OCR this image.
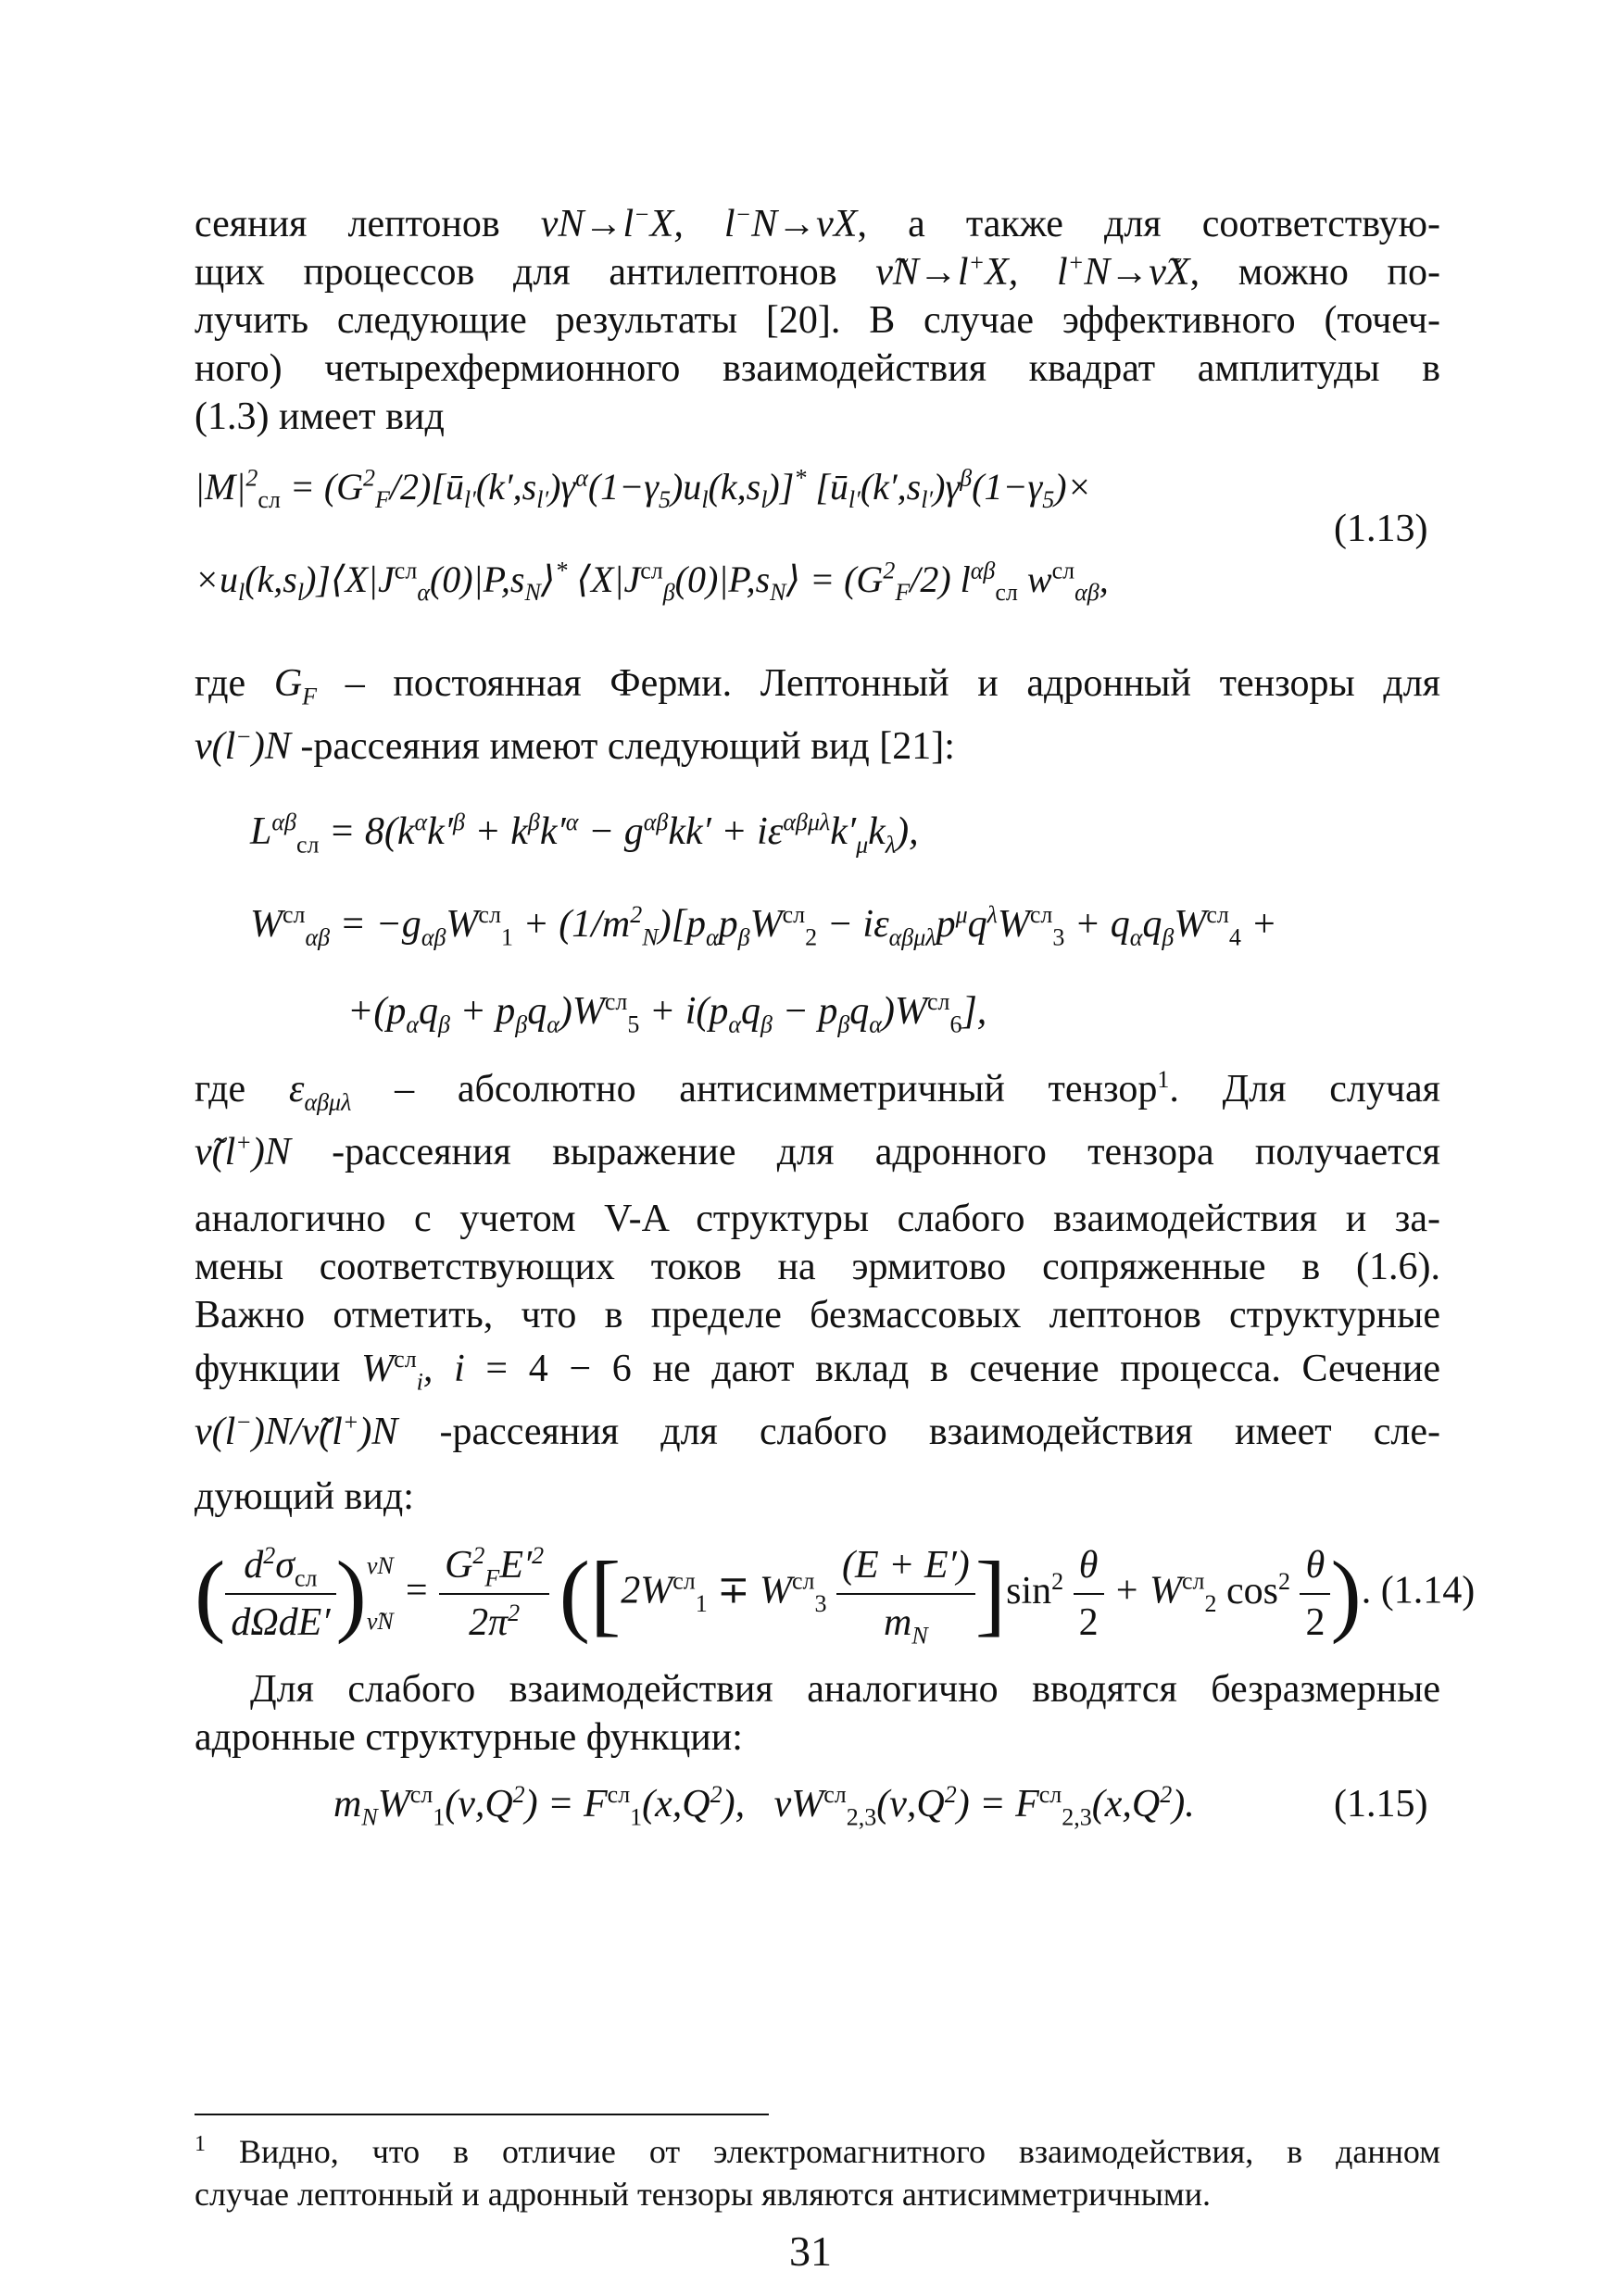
сеяния лептонов νN→l−X, l−N→νX, а также для соответствую-
щих процессов для антилептонов ν̃N→l+X, l+N→ν̃X, можно по-
лучить следующие результаты [20]. В случае эффективного (точеч-
ного) четырехфермионного взаимодействия квадрат амплитуды в
(1.3) имеет вид
$|M|^2_{сл}$ = $(G^2_F/2)[ū_{l'}(k',s_{l'})\gamma^\alpha(1-\gamma_5)u_l(k,s_l)]^*$ [$ū_{l'}(k',s_{l'})\gamma^\beta(1-\gamma_5)\times$
(1.13)
$\times u_l(k,s_l)]⟨X|J^{сл}_\alpha(0)|P,s_N⟩^*$ $⟨X|J^{сл}_\beta(0)|P,s_N⟩ = (G^2_F/2)$ $l^{\alpha\beta}_{сл}$ $w^{сл}_{\alpha\beta}$,
где $G_F$ – постоянная Ферми. Лептонный и адронный тензоры для
ν(l−)N -рассеяния имеют следующий вид [21]:
$L^{\alpha\beta}_{сл} = 8(k^\alpha k'^\beta + k^\beta k'^\alpha - g^{\alpha\beta}kk' + i\varepsilon^{\alpha\beta\mu\lambda}k'_\mu k_\lambda)$,
$W^{сл}_{\alpha\beta} = -g_{\alpha\beta}W^{сл}_1 + (1/m^2_N)[p_\alpha p_\beta W^{сл}_2 - i\varepsilon_{\alpha\beta\mu\lambda}p^\mu q^\lambda W^{сл}_3 + q_\alpha q_\beta W^{сл}_4$ +
$+(p_\alpha q_\beta + p_\beta q_\alpha)W^{сл}_5 + i(p_\alpha q_\beta - p_\beta q_\alpha)W^{сл}_6$],
где $\varepsilon_{\alpha\beta\mu\lambda}$ – абсолютно антисимметричный тензор$^1$. Для случая
ν̃(l+)N -рассеяния выражение для адронного тензора получается
аналогично с учетом V-A структуры слабого взаимодействия и за-
мены соответствующих токов на эрмитово сопряженные в (1.6).
Важно отметить, что в пределе безмассовых лептонов структурные
функции $W^{сл}_i$, i = 4 − 6 не дают вклад в сечение процесса. Сечение
ν(l−)N/ν̃(l+)N -рассеяния для слабого взаимодействия имеет сле-
дующий вид:
( $\frac{d^2\sigma_{сл}}{\text{dΩdE′}}$ ) νN
ν̃N
= $\frac{G^2_FE'^2}{2\pi^2} ([2W^{сл}_1 \mp W^{сл}_3 \frac{(E + E')}{m_N} ]\sin^2 \frac{\theta}{2} + W^{сл}_2$ $\cos^2 \frac{\theta}{2}$ ). (1.14)
Для слабого взаимодействия аналогично вводятся безразмерные
адронные структурные функции:
$m_NW^{сл}_1(\nu,Q^2) = F^{сл}_1(x,Q^2)$,   $\nu W^{сл}_{2,3}(\nu,Q^2) = F^{сл}_{2,3}(x,Q^2)$.	(1.15)
$^1$ Видно, что в отличие от электромагнитного взаимодействия, в данном
случае лептонный и адронный тензоры являются антисимметричными.
31
